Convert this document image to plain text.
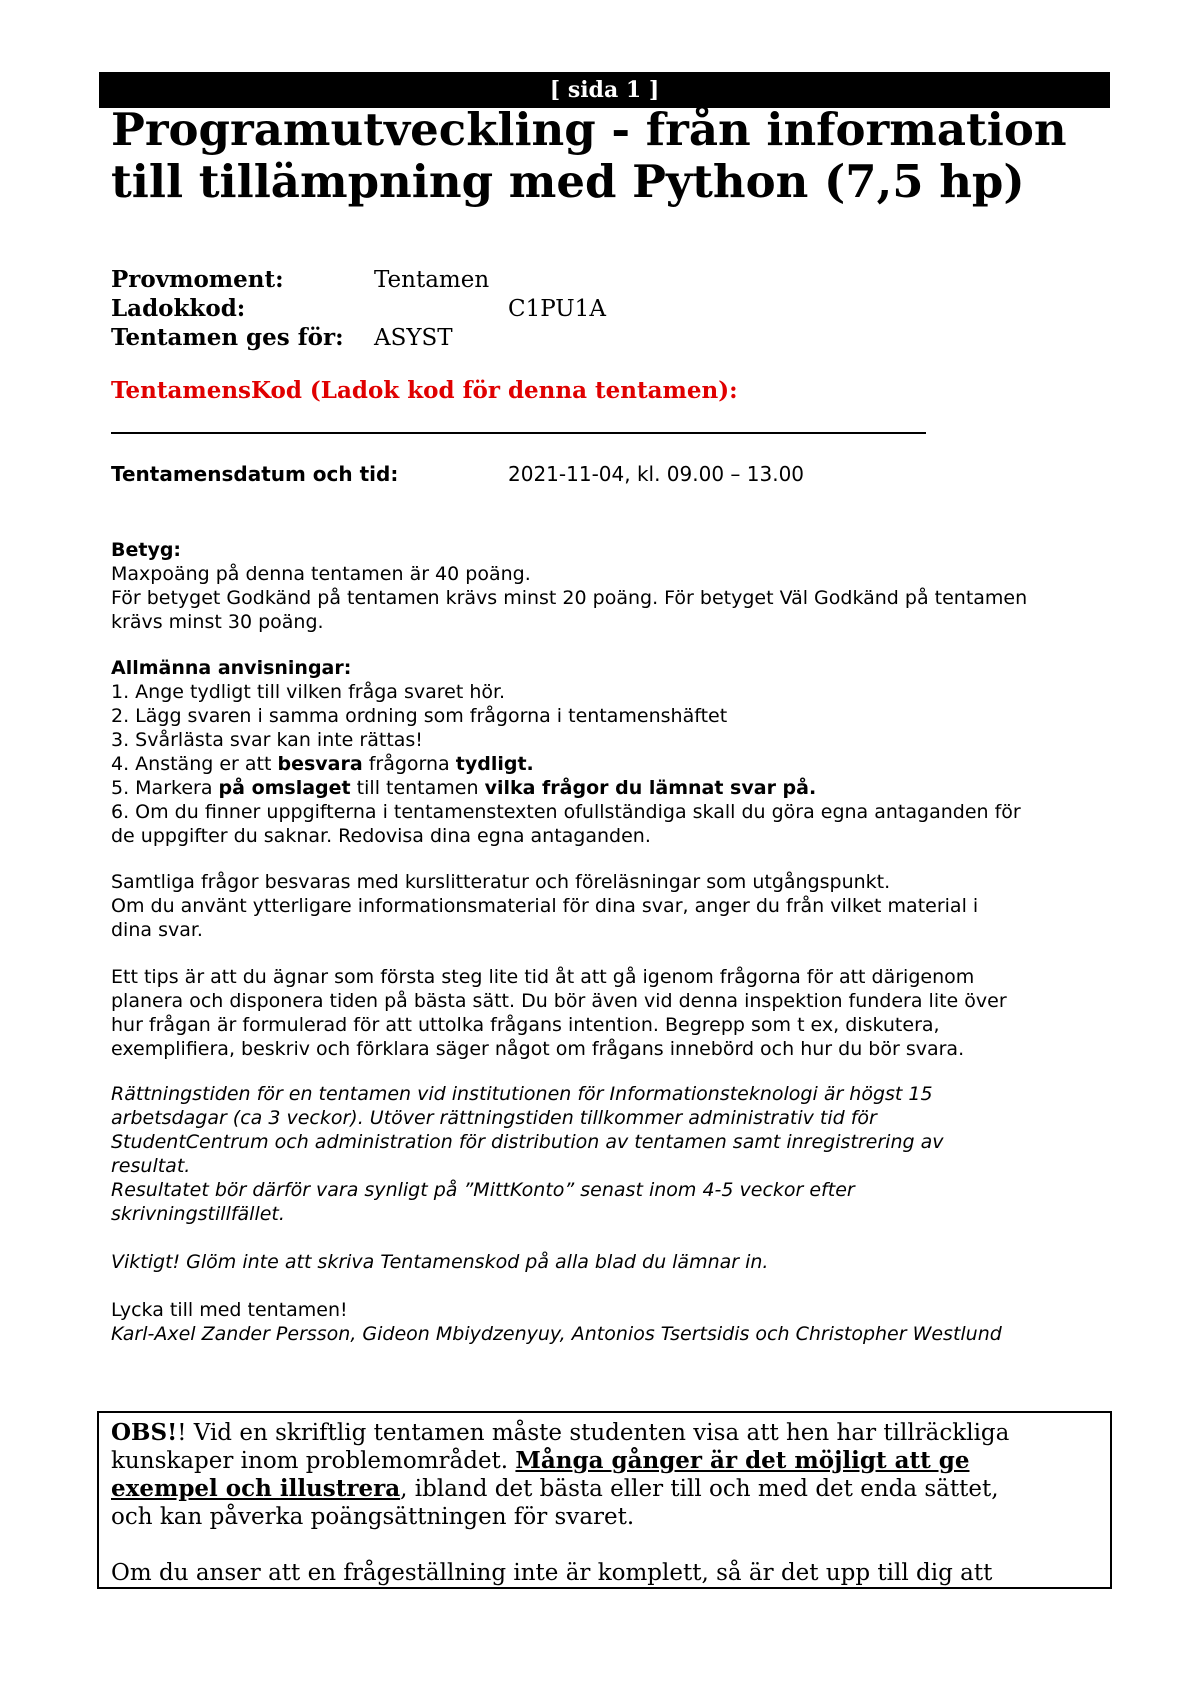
[ sida 1 ]
Programutveckling - från information
till tillämpning med Python (7,5 hp)
Provmoment:	Tentamen
Ladokkod:	C1PU1A
Tentamen ges för: ASYST
TentamensKod (Ladok kod för denna tentamen):
Tentamensdatum och tid:	2021-11-04, kl. 09.00 – 13.00

Betyg:

Maxpoäng på denna tentamen är 40 poäng.

För betyget Godkänd på tentamen krävs minst 20 poäng. För betyget Väl Godkänd på tentamen

krävs minst 30 poäng.

Allmänna anvisningar:

1. Ange tydligt till vilken fråga svaret hör.

2. Lägg svaren i samma ordning som frågorna i tentamenshäftet

3. Svårlästa svar kan inte rättas!

4. Anstäng er att besvara frågorna tydligt.

5. Markera på omslaget till tentamen vilka frågor du lämnat svar på.

6. Om du finner uppgifterna i tentamenstexten ofullständiga skall du göra egna antaganden för

de uppgifter du saknar. Redovisa dina egna antaganden.

Samtliga frågor besvaras med kurslitteratur och föreläsningar som utgångspunkt.

Om du använt ytterligare informationsmaterial för dina svar, anger du från vilket material i

dina svar.

Ett tips är att du ägnar som första steg lite tid åt att gå igenom frågorna för att därigenom

planera och disponera tiden på bästa sätt. Du bör även vid denna inspektion fundera lite över

hur frågan är formulerad för att uttolka frågans intention. Begrepp som t ex, diskutera,

exemplifiera, beskriv och förklara säger något om frågans innebörd och hur du bör svara.

Rättningstiden för en tentamen vid institutionen för Informationsteknologi är högst 15

arbetsdagar (ca 3 veckor). Utöver rättningstiden tillkommer administrativ tid för

StudentCentrum och administration för distribution av tentamen samt inregistrering av

resultat.

Resultatet bör därför vara synligt på ”MittKonto” senast inom 4-5 veckor efter

skrivningstillfället.

Viktigt! Glöm inte att skriva Tentamenskod på alla blad du lämnar in.

Lycka till med tentamen!

Karl-Axel Zander Persson, Gideon Mbiydzenyuy, Antonios Tsertsidis och Christopher Westlund

OBS!! Vid en skriftlig tentamen måste studenten visa att hen har tillräckliga

kunskaper inom problemområdet. Många gånger är det möjligt att ge

exempel och illustrera, ibland det bästa eller till och med det enda sättet,

och kan påverka poängsättningen för svaret.

Om du anser att en frågeställning inte är komplett, så är det upp till dig att
